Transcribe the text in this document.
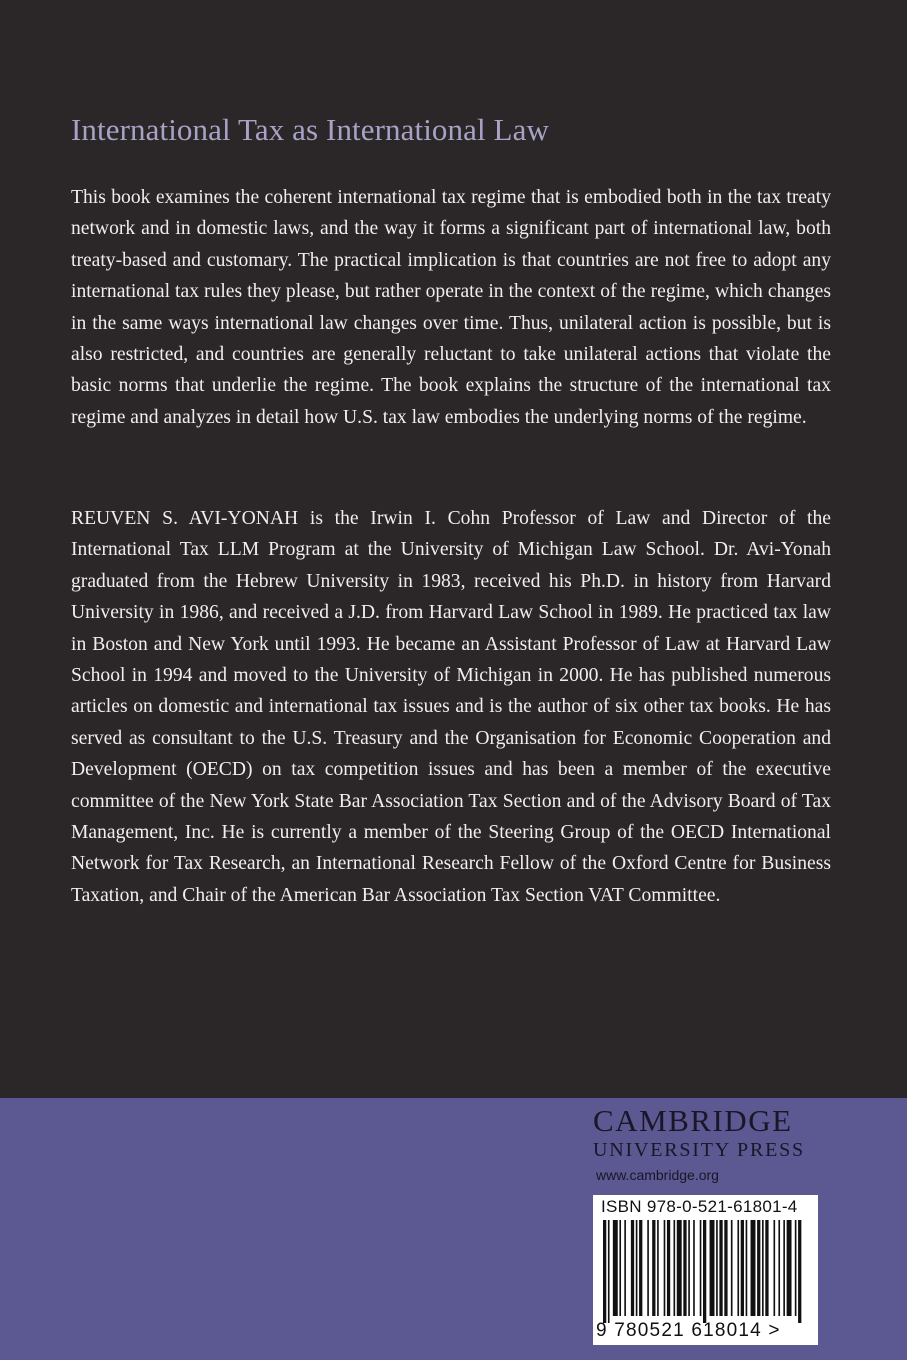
International Tax as International Law

This book examines the coherent international tax regime that is embodied both in the tax treaty network and in domestic laws, and the way it forms a significant part of international law, both treaty-based and customary. The practical implication is that countries are not free to adopt any international tax rules they please, but rather operate in the context of the regime, which changes in the same ways international law changes over time. Thus, unilateral action is possible, but is also restricted, and countries are generally reluctant to take unilateral actions that violate the basic norms that underlie the regime. The book explains the structure of the international tax regime and analyzes in detail how U.S. tax law embodies the underlying norms of the regime.

REUVEN S. AVI-YONAH is the Irwin I. Cohn Professor of Law and Director of the International Tax LLM Program at the University of Michigan Law School. Dr. Avi-Yonah graduated from the Hebrew University in 1983, received his Ph.D. in history from Harvard University in 1986, and received a J.D. from Harvard Law School in 1989. He practiced tax law in Boston and New York until 1993. He became an Assistant Professor of Law at Harvard Law School in 1994 and moved to the University of Michigan in 2000. He has published numerous articles on domestic and international tax issues and is the author of six other tax books. He has served as consultant to the U.S. Treasury and the Organisation for Economic Cooperation and Development (OECD) on tax competition issues and has been a member of the executive committee of the New York State Bar Association Tax Section and of the Advisory Board of Tax Management, Inc. He is currently a member of the Steering Group of the OECD International Network for Tax Research, an International Research Fellow of the Oxford Centre for Business Taxation, and Chair of the American Bar Association Tax Section VAT Committee.

CAMBRIDGE
UNIVERSITY PRESS
www.cambridge.org
ISBN 978-0-521-61801-4
9 780521 618014 >
